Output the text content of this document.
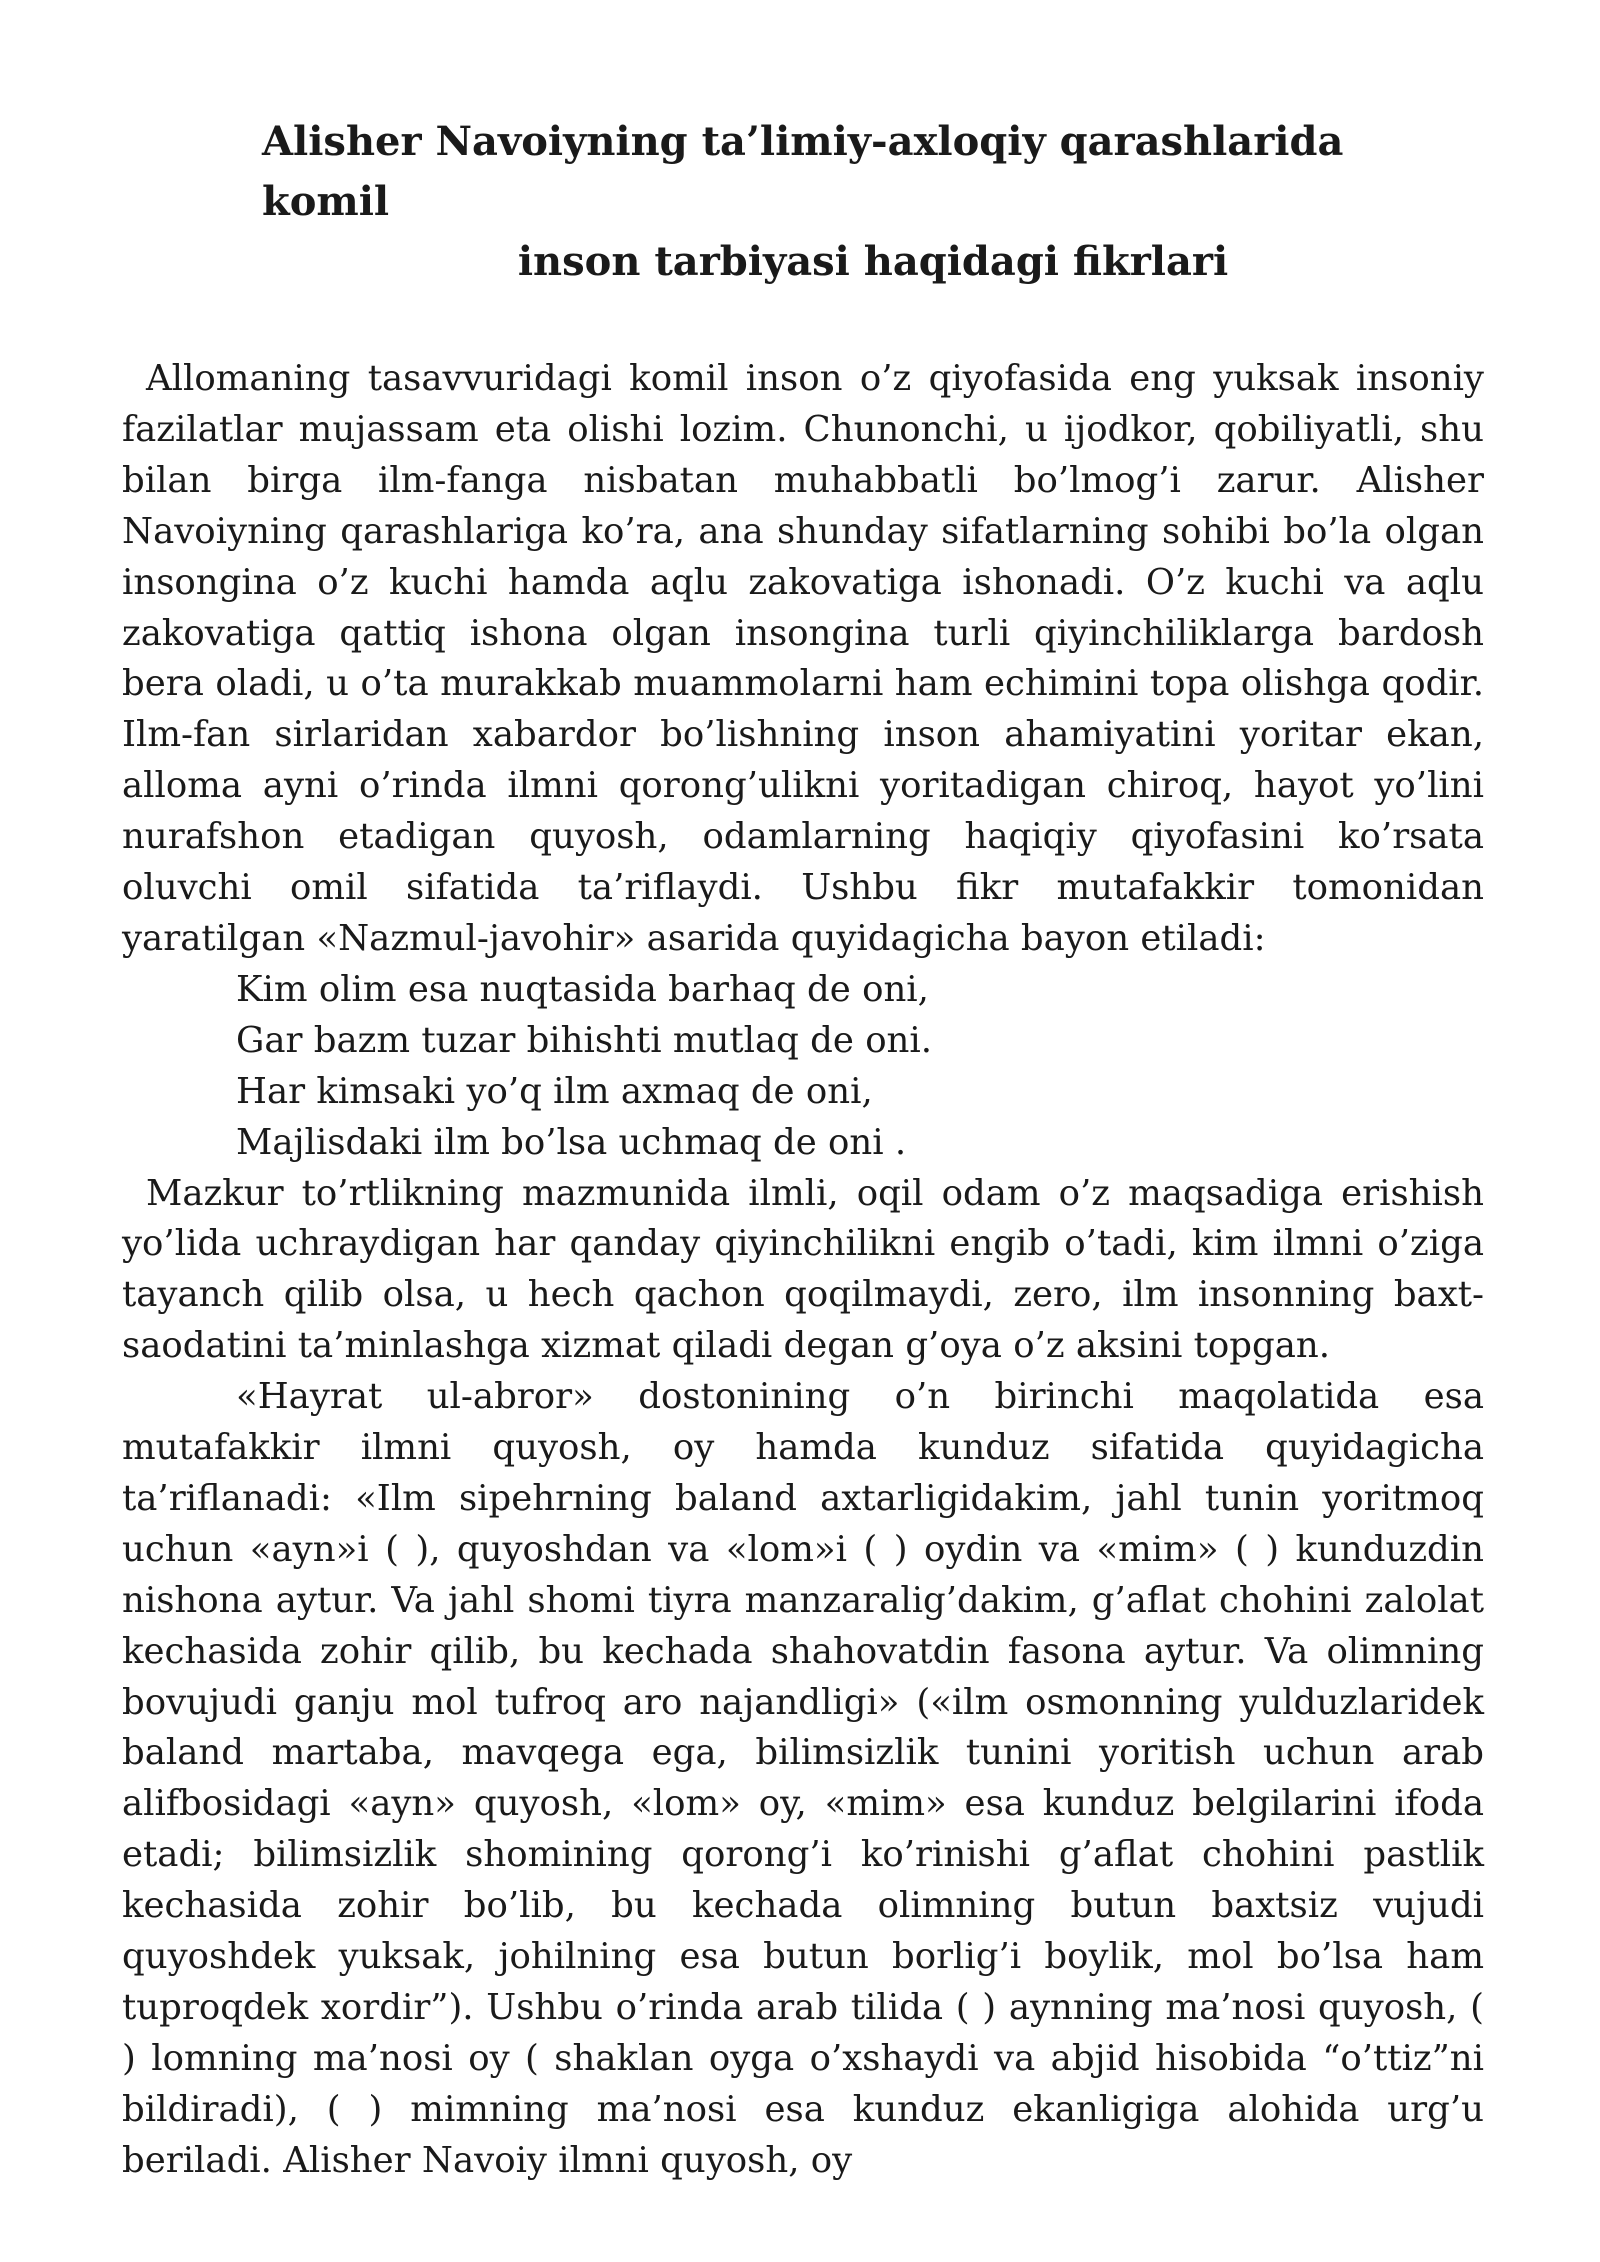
Alisher Navoiyning ta’limiy-axloqiy qarashlarida komil
inson tarbiyasi haqidagi fikrlari

Allomaning tasavvuridagi komil inson o’z qiyofasida eng yuksak insoniy fazilatlar mujassam eta olishi lozim. Chunonchi, u ijodkor, qobiliyatli, shu bilan birga ilm-fanga nisbatan muhabbatli bo’lmog’i zarur. Alisher Navoiyning qarashlariga ko’ra, ana shunday sifatlarning sohibi bo’la olgan insongina o’z kuchi hamda aqlu zakovatiga ishonadi. O’z kuchi va aqlu zakovatiga qattiq ishona olgan insongina turli qiyinchiliklarga bardosh bera oladi, u o’ta murakkab muammolarni ham echimini topa olishga qodir. Ilm-fan sirlaridan xabardor bo’lishning inson ahamiyatini yoritar ekan, alloma ayni o’rinda ilmni qorong’ulikni yoritadigan chiroq, hayot yo’lini nurafshon etadigan quyosh, odamlarning haqiqiy qiyofasini ko’rsata oluvchi omil sifatida ta’riflaydi. Ushbu fikr mutafakkir tomonidan yaratilgan «Nazmul-javohir» asarida quyidagicha bayon etiladi:

Kim olim esa nuqtasida barhaq de oni,
Gar bazm tuzar bihishti mutlaq de oni.
Har kimsaki yo’q ilm axmaq de oni,
Majlisdaki ilm bo’lsa uchmaq de oni .

Mazkur to’rtlikning mazmunida ilmli, oqil odam o’z maqsadiga erishish yo’lida uchraydigan har qanday qiyinchilikni engib o’tadi, kim ilmni o’ziga tayanch qilib olsa, u hech qachon qoqilmaydi, zero, ilm insonning baxt-saodatini ta’minlashga xizmat qiladi degan g’oya o’z aksini topgan.

«Hayrat ul-abror» dostonining o’n birinchi maqolatida esa mutafakkir ilmni quyosh, oy hamda kunduz sifatida quyidagicha ta’riflanadi: «Ilm sipehrning baland axtarligidakim, jahl tunin yoritmoq uchun «ayn»i ( ), quyoshdan va «lom»i ( ) oydin va «mim» ( ) kunduzdin nishona aytur. Va jahl shomi tiyra manzaralig’dakim, g’aflat chohini zalolat kechasida zohir qilib, bu kechada shahovatdin fasona aytur. Va olimning bovujudi ganju mol tufroq aro najandligi» («ilm osmonning yulduzlaridek baland martaba, mavqega ega, bilimsizlik tunini yoritish uchun arab alifbosidagi «ayn» quyosh, «lom» oy, «mim» esa kunduz belgilarini ifoda etadi; bilimsizlik shomining qorong’i ko’rinishi g’aflat chohini pastlik kechasida zohir bo’lib, bu kechada olimning butun baxtsiz vujudi quyoshdek yuksak, johilning esa butun borlig’i boylik, mol bo’lsa ham tuproqdek xordir”). Ushbu o’rinda arab tilida ( ) aynning ma’nosi quyosh, ( ) lomning ma’nosi oy ( shaklan oyga o’xshaydi va abjid hisobida “o’ttiz”ni bildiradi), ( ) mimning ma’nosi esa kunduz ekanligiga alohida urg’u beriladi. Alisher Navoiy ilmni quyosh, oy
